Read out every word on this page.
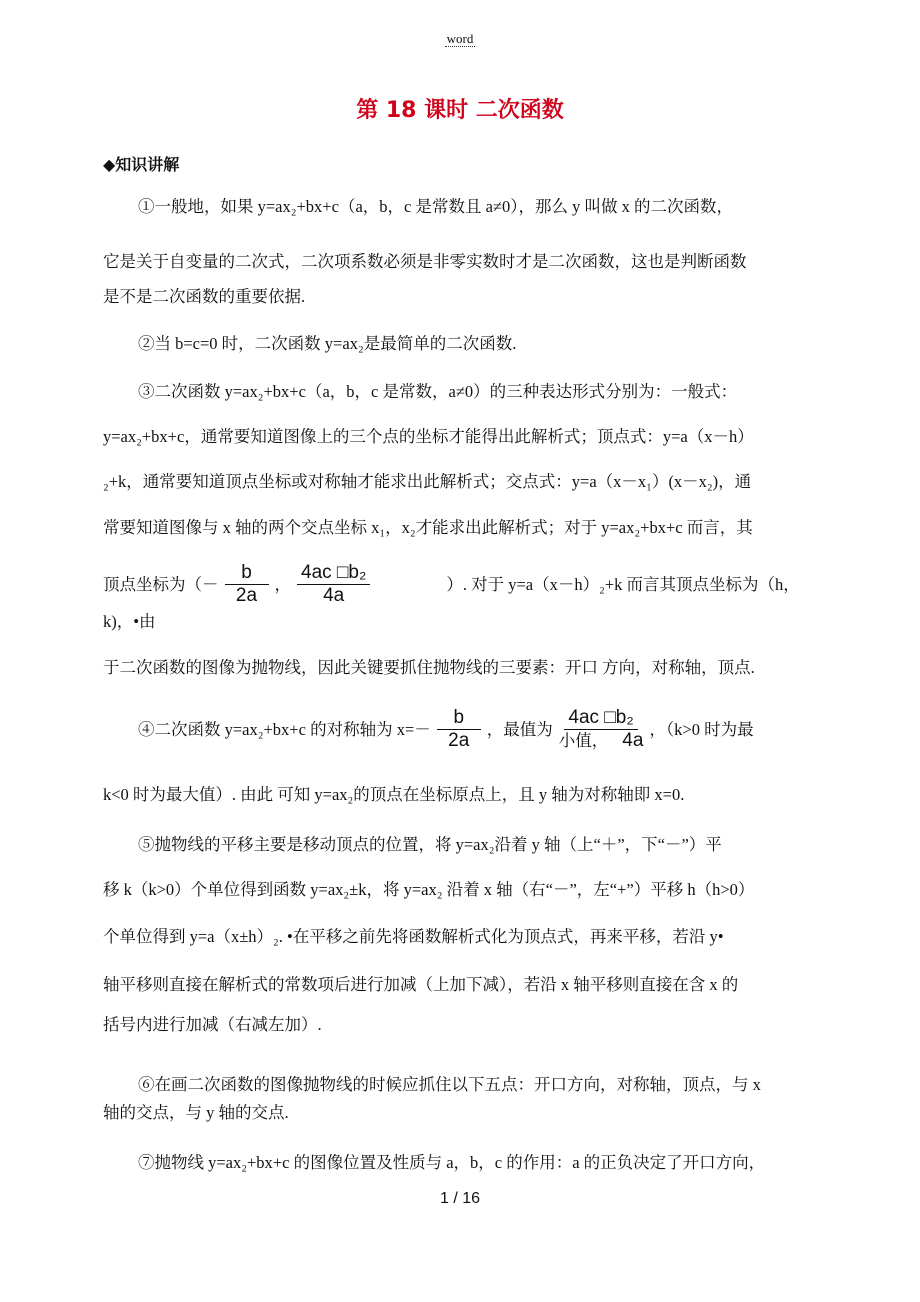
word
第 18 课时 二次函数
◆知识讲解
①一般地，如果 y=ax₂+bx+c（a，b，c 是常数且 a≠0），那么 y 叫做 x 的二次函数，
它是关于自变量的二次式，二次项系数必须是非零实数时才是二次函数，这也是判断函数
是不是二次函数的重要依据.
②当 b=c=0 时，二次函数 y=ax₂是最简单的二次函数.
③二次函数 y=ax₂+bx+c（a，b，c 是常数，a≠0）的三种表达形式分别为：一般式：
y=ax₂+bx+c，通常要知道图像上的三个点的坐标才能得出此解析式；顶点式：y=a（x－h）
₂+k，通常要知道顶点坐标或对称轴才能求出此解析式；交点式：y=a（x－x₁）(x－x₂)，通
常要知道图像与 x 轴的两个交点坐标 x₁，x₂才能求出此解析式；对于 y=ax₂+bx+c 而言，其
顶点坐标为（－ $\frac{b}{2a}$ ， $\frac{\text{4ac □b₂}}{4a}$	）. 对于 y=a（x－h）₂+k 而言其顶点坐标为（h，
k)，•由
于二次函数的图像为抛物线，因此关键要抓住抛物线的三要素：开口 方向，对称轴，顶点.
④二次函数 y=ax₂+bx+c 的对称轴为 $x=- \frac{b}{2a}$ ，最值为 $\frac{\text{4ac □b₂}}{\text{小值， 4a}}$ ，（k>0 时为最
k<0 时为最大值）. 由此 可知 y=ax₂的顶点在坐标原点上，且 y 轴为对称轴即 x=0.
⑤抛物线的平移主要是移动顶点的位置，将 y=ax₂沿着 y 轴（上“＋”，下“－”）平
移 k（k>0）个单位得到函数 y=ax₂±k，将 y=ax₂ 沿着 x 轴（右“－”，左“+”）平移 h（h>0）
个单位得到 y=a（x±h）₂. •在平移之前先将函数解析式化为顶点式，再来平移，若沿 y•
轴平移则直接在解析式的常数项后进行加减（上加下减），若沿 x 轴平移则直接在含 x 的
括号内进行加减（右减左加）.
⑥在画二次函数的图像抛物线的时候应抓住以下五点：开口方向，对称轴，顶点，与 x
轴的交点，与 y 轴的交点.
⑦抛物线 y=ax₂+bx+c 的图像位置及性质与 a，b，c 的作用：a 的正负决定了开口方向，
1 / 16
